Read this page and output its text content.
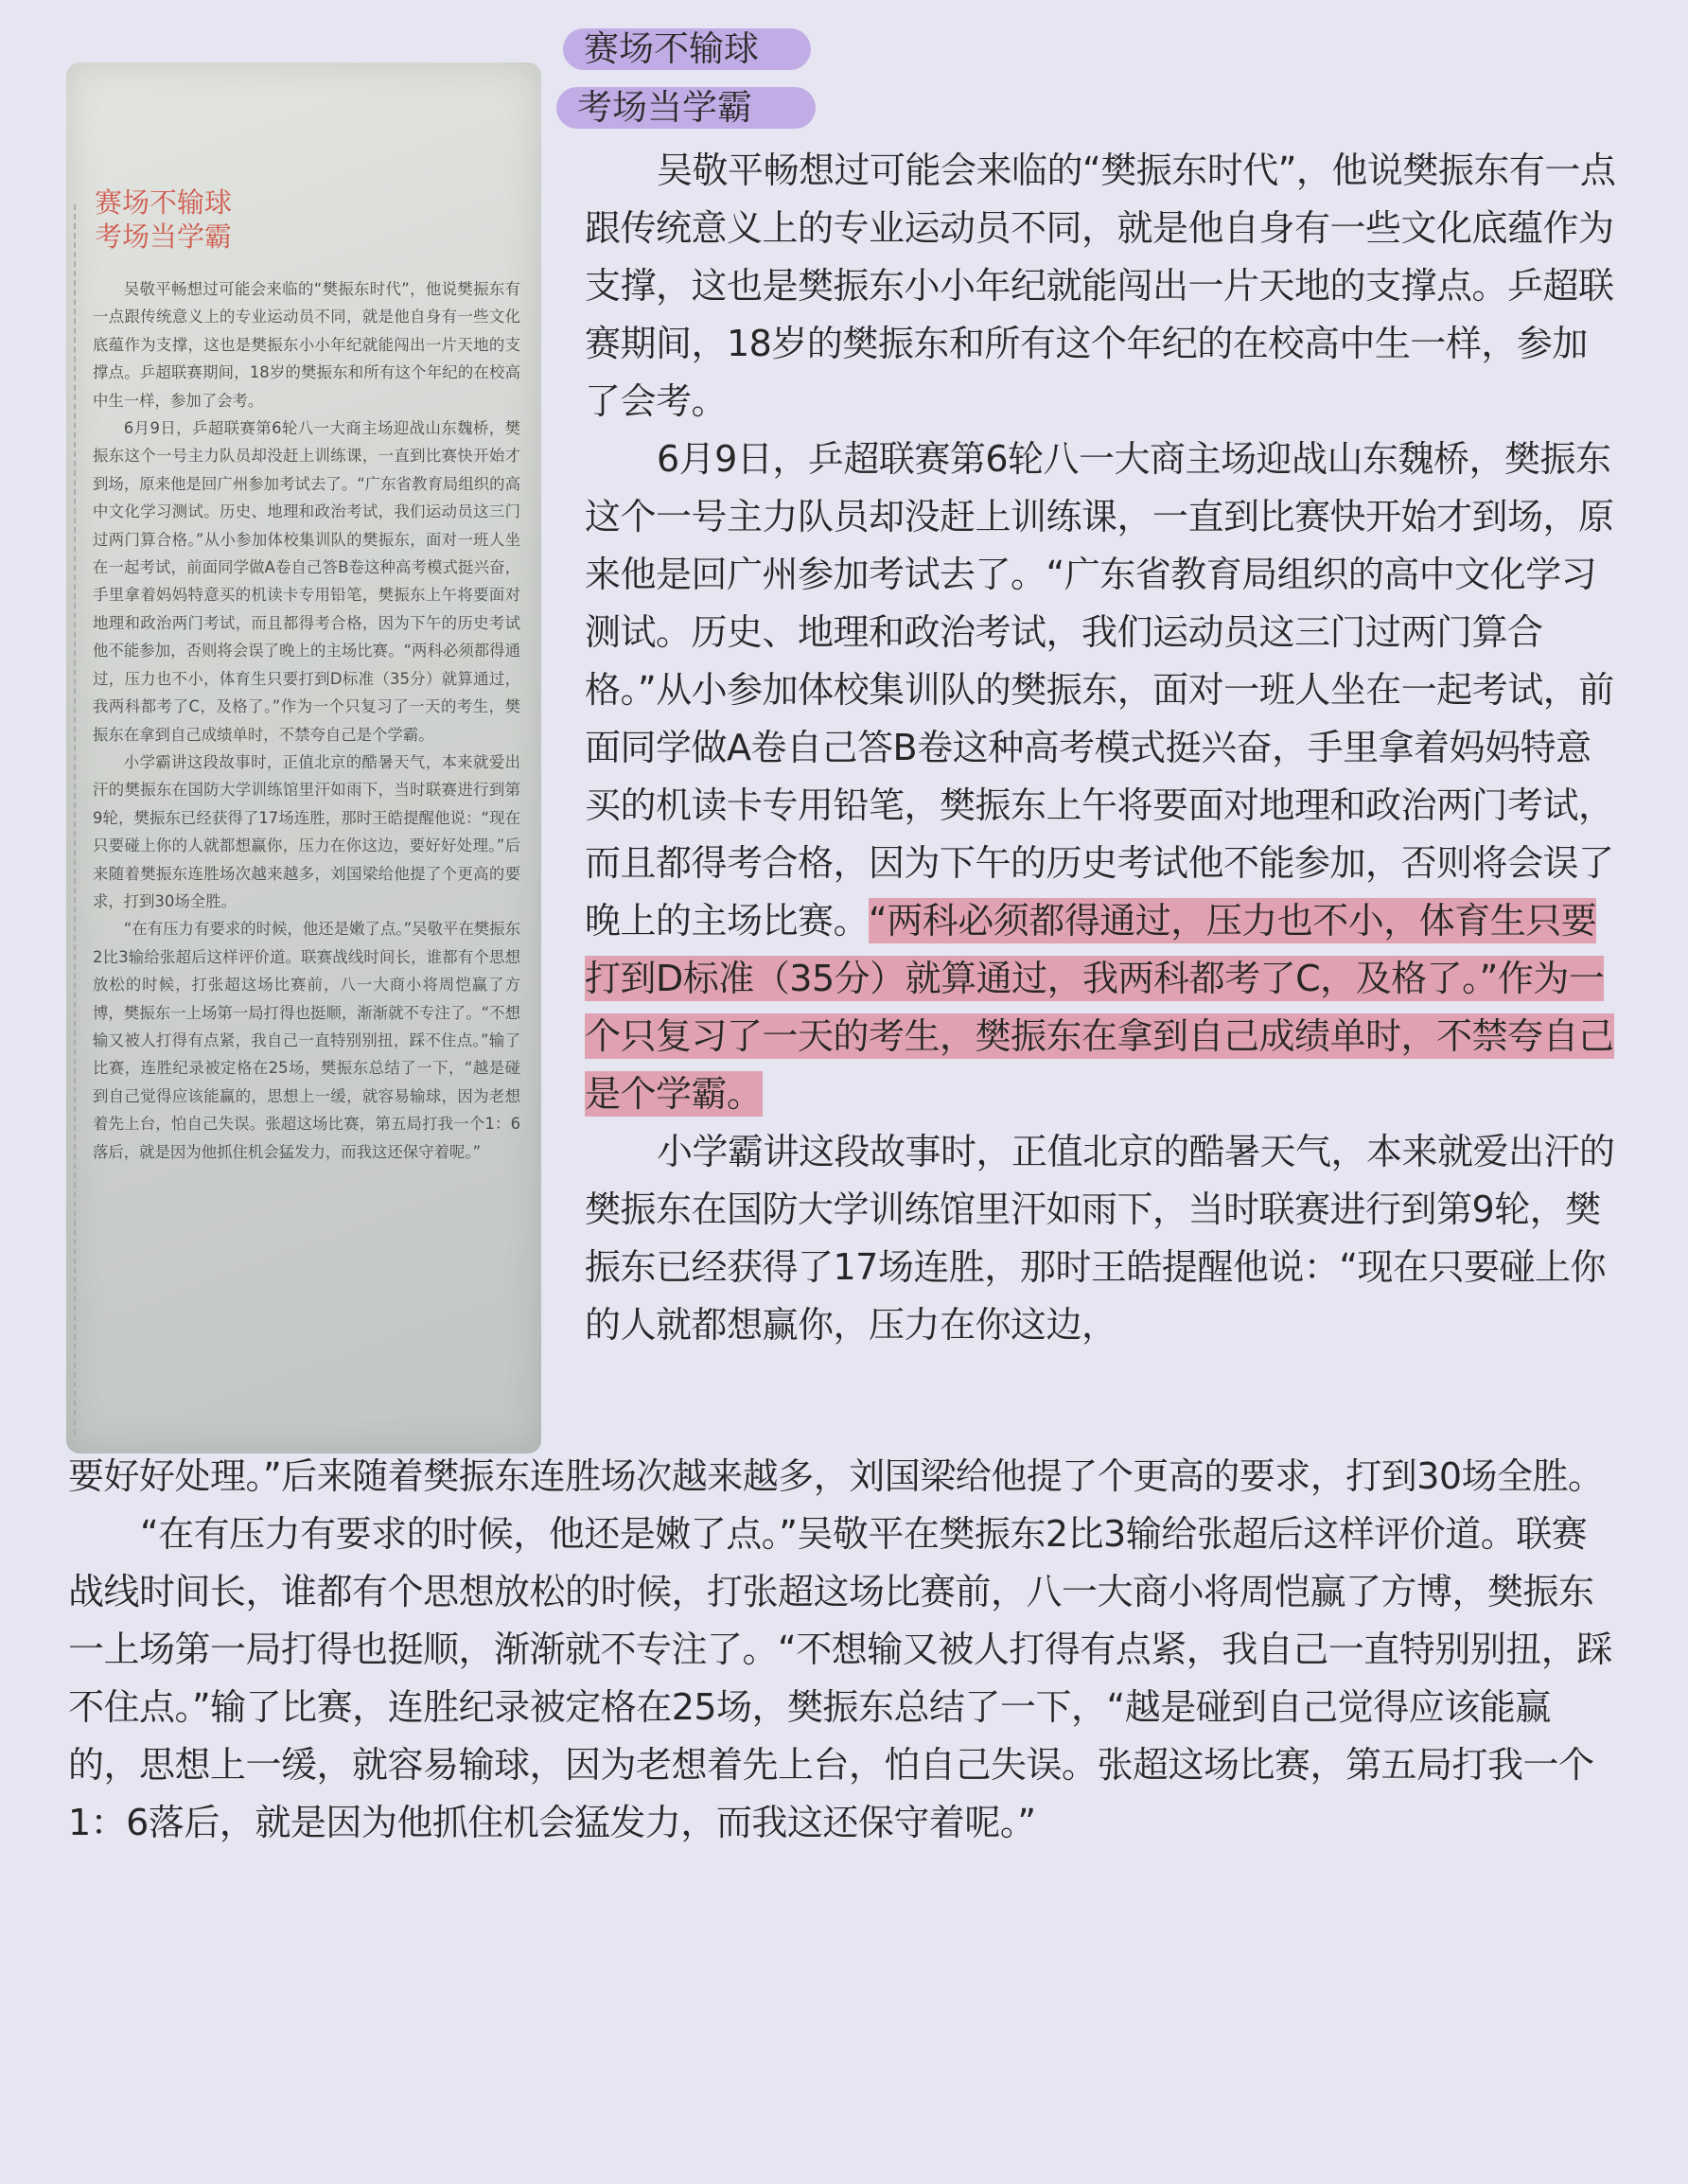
赛场不输球
考场当学霸

吴敬平畅想过可能会来临的“樊振东时代”，他说樊振东有一点跟传统意义上的专业运动员不同，就是他自身有一些文化底蕴作为支撑，这也是樊振东小小年纪就能闯出一片天地的支撑点。乒超联赛期间，18岁的樊振东和所有这个年纪的在校高中生一样，参加了会考。

6月9日，乒超联赛第6轮八一大商主场迎战山东魏桥，樊振东这个一号主力队员却没赶上训练课，一直到比赛快开始才到场，原来他是回广州参加考试去了。“广东省教育局组织的高中文化学习测试。历史、地理和政治考试，我们运动员这三门过两门算合格。”从小参加体校集训队的樊振东，面对一班人坐在一起考试，前面同学做A卷自己答B卷这种高考模式挺兴奋，手里拿着妈妈特意买的机读卡专用铅笔，樊振东上午将要面对地理和政治两门考试，而且都得考合格，因为下午的历史考试他不能参加，否则将会误了晚上的主场比赛。“两科必须都得通过，压力也不小，体育生只要打到D标准（35分）就算通过，我两科都考了C，及格了。”作为一个只复习了一天的考生，樊振东在拿到自己成绩单时，不禁夸自己是个学霸。

小学霸讲这段故事时，正值北京的酷暑天气，本来就爱出汗的樊振东在国防大学训练馆里汗如雨下，当时联赛进行到第9轮，樊振东已经获得了17场连胜，那时王皓提醒他说：“现在只要碰上你的人就都想赢你，压力在你这边，要好好处理。”后来随着樊振东连胜场次越来越多，刘国梁给他提了个更高的要求，打到30场全胜。

“在有压力有要求的时候，他还是嫩了点。”吴敬平在樊振东2比3输给张超后这样评价道。联赛战线时间长，谁都有个思想放松的时候，打张超这场比赛前，八一大商小将周恺赢了方博，樊振东一上场第一局打得也挺顺，渐渐就不专注了。“不想输又被人打得有点紧，我自己一直特别别扭，踩不住点。”输了比赛，连胜纪录被定格在25场，樊振东总结了一下，“越是碰到自己觉得应该能赢的，思想上一缓，就容易输球，因为老想着先上台，怕自己失误。张超这场比赛，第五局打我一个1：6落后，就是因为他抓住机会猛发力，而我这还保守着呢。”

赛场不输球
考场当学霸

吴敬平畅想过可能会来临的“樊振东时代”，他说樊振东有一点跟传统意义上的专业运动员不同，就是他自身有一些文化底蕴作为支撑，这也是樊振东小小年纪就能闯出一片天地的支撑点。乒超联赛期间，18岁的樊振东和所有这个年纪的在校高中生一样，参加了会考。

6月9日，乒超联赛第6轮八一大商主场迎战山东魏桥，樊振东这个一号主力队员却没赶上训练课，一直到比赛快开始才到场，原来他是回广州参加考试去了。“广东省教育局组织的高中文化学习测试。历史、地理和政治考试，我们运动员这三门过两门算合格。”从小参加体校集训队的樊振东，面对一班人坐在一起考试，前面同学做A卷自己答B卷这种高考模式挺兴奋，手里拿着妈妈特意买的机读卡专用铅笔，樊振东上午将要面对地理和政治两门考试，而且都得考合格，因为下午的历史考试他不能参加，否则将会误了晚上的主场比赛。“两科必须都得通过，压力也不小，体育生只要打到D标准（35分）就算通过，我两科都考了C，及格了。”作为一个只复习了一天的考生，樊振东在拿到自己成绩单时，不禁夸自己是个学霸。

小学霸讲这段故事时，正值北京的酷暑天气，本来就爱出汗的樊振东在国防大学训练馆里汗如雨下，当时联赛进行到第9轮，樊振东已经获得了17场连胜，那时王皓提醒他说：“现在只要碰上你的人就都想赢你，压力在你这边，

要好好处理。”后来随着樊振东连胜场次越来越多，刘国梁给他提了个更高的要求，打到30场全胜。

“在有压力有要求的时候，他还是嫩了点。”吴敬平在樊振东2比3输给张超后这样评价道。联赛战线时间长，谁都有个思想放松的时候，打张超这场比赛前，八一大商小将周恺赢了方博，樊振东一上场第一局打得也挺顺，渐渐就不专注了。“不想输又被人打得有点紧，我自己一直特别别扭，踩不住点。”输了比赛，连胜纪录被定格在25场，樊振东总结了一下，“越是碰到自己觉得应该能赢的，思想上一缓，就容易输球，因为老想着先上台，怕自己失误。张超这场比赛，第五局打我一个1：6落后，就是因为他抓住机会猛发力，而我这还保守着呢。”
